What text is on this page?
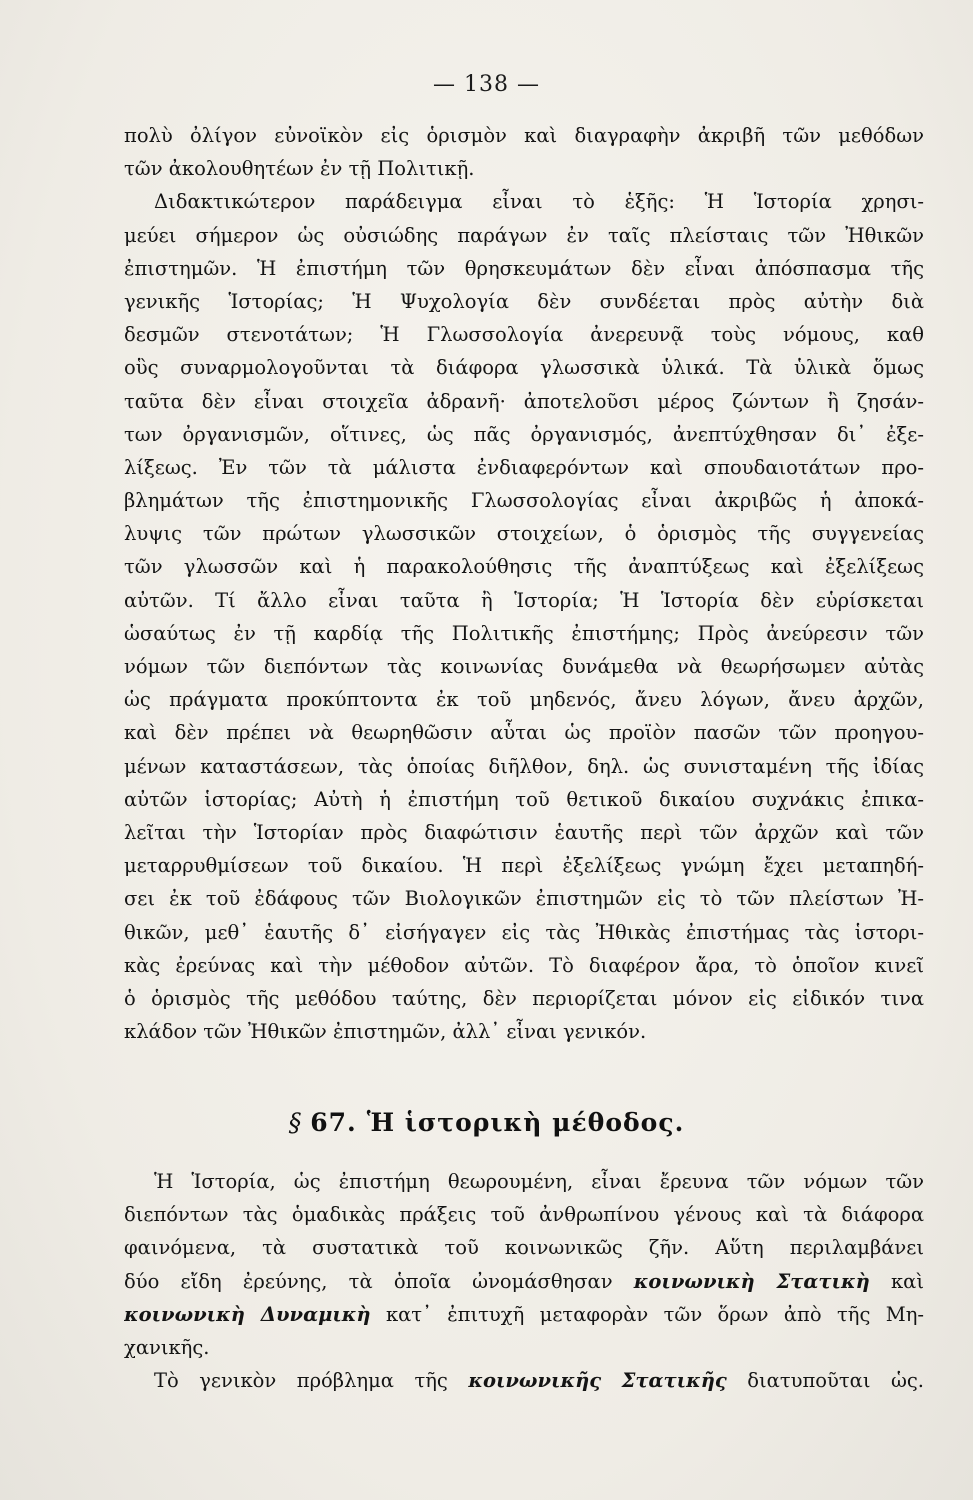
— 138 —
πολὺ ὀλίγον εὐνοϊκὸν εἰς ὁρισμὸν καὶ διαγραφὴν ἀκριβῆ τῶν μεθόδων
τῶν ἀκολουθητέων ἐν τῇ Πολιτικῇ.
Διδακτικώτερον παράδειγμα εἶναι τὸ ἑξῆς: Ἡ Ἱστορία χρησι-
μεύει σήμερον ὡς οὐσιώδης παράγων ἐν ταῖς πλείσταις τῶν Ἠθικῶν
ἐπιστημῶν. Ἡ ἐπιστήμη τῶν θρησκευμάτων δὲν εἶναι ἀπόσπασμα τῆς
γενικῆς Ἱστορίας; Ἡ Ψυχολογία δὲν συνδέεται πρὸς αὐτὴν διὰ
δεσμῶν στενοτάτων; Ἡ Γλωσσολογία ἀνερευνᾷ τοὺς νόμους, καθ
οὓς συναρμολογοῦνται τὰ διάφορα γλωσσικὰ ὑλικά. Τὰ ὑλικὰ ὅμως
ταῦτα δὲν εἶναι στοιχεῖα ἀδρανῆ· ἀποτελοῦσι μέρος ζώντων ἢ ζησάν-
των ὀργανισμῶν, οἵτινες, ὡς πᾶς ὀργανισμός, ἀνεπτύχθησαν δι᾽ ἐξε-
λίξεως. Ἐν τῶν τὰ μάλιστα ἐνδιαφερόντων καὶ σπουδαιοτάτων προ-
βλημάτων τῆς ἐπιστημονικῆς Γλωσσολογίας εἶναι ἀκριβῶς ἡ ἀποκά-
λυψις τῶν πρώτων γλωσσικῶν στοιχείων, ὁ ὁρισμὸς τῆς συγγενείας
τῶν γλωσσῶν καὶ ἡ παρακολούθησις τῆς ἀναπτύξεως καὶ ἐξελίξεως
αὐτῶν. Τί ἄλλο εἶναι ταῦτα ἢ Ἱστορία; Ἡ Ἱστορία δὲν εὑρίσκεται
ὡσαύτως ἐν τῇ καρδίᾳ τῆς Πολιτικῆς ἐπιστήμης; Πρὸς ἀνεύρεσιν τῶν
νόμων τῶν διεπόντων τὰς κοινωνίας δυνάμεθα νὰ θεωρήσωμεν αὐτὰς
ὡς πράγματα προκύπτοντα ἐκ τοῦ μηδενός, ἄνευ λόγων, ἄνευ ἀρχῶν,
καὶ δὲν πρέπει νὰ θεωρηθῶσιν αὗται ὡς προϊὸν πασῶν τῶν προηγου-
μένων καταστάσεων, τὰς ὁποίας διῆλθον, δηλ. ὡς συνισταμένη τῆς ἰδίας
αὐτῶν ἱστορίας; Αὐτὴ ἡ ἐπιστήμη τοῦ θετικοῦ δικαίου συχνάκις ἐπικα-
λεῖται τὴν Ἱστορίαν πρὸς διαφώτισιν ἑαυτῆς περὶ τῶν ἀρχῶν καὶ τῶν
μεταρρυθμίσεων τοῦ δικαίου. Ἡ περὶ ἐξελίξεως γνώμη ἔχει μεταπηδή-
σει ἐκ τοῦ ἐδάφους τῶν Βιολογικῶν ἐπιστημῶν εἰς τὸ τῶν πλείστων Ἠ-
θικῶν, μεθ᾽ ἑαυτῆς δ᾽ εἰσήγαγεν εἰς τὰς Ἠθικὰς ἐπιστήμας τὰς ἱστορι-
κὰς ἐρεύνας καὶ τὴν μέθοδον αὐτῶν. Τὸ διαφέρον ἄρα, τὸ ὁποῖον κινεῖ
ὁ ὁρισμὸς τῆς μεθόδου ταύτης, δὲν περιορίζεται μόνον εἰς εἰδικόν τινα
κλάδον τῶν Ἠθικῶν ἐπιστημῶν, ἀλλ᾽ εἶναι γενικόν.
§ 67. Ἡ ἱστορικὴ μέθοδος.
Ἡ Ἱστορία, ὡς ἐπιστήμη θεωρουμένη, εἶναι ἔρευνα τῶν νόμων τῶν
διεπόντων τὰς ὁμαδικὰς πράξεις τοῦ ἀνθρωπίνου γένους καὶ τὰ διάφορα
φαινόμενα, τὰ συστατικὰ τοῦ κοινωνικῶς ζῆν. Αὕτη περιλαμβάνει
δύο εἴδη ἐρεύνης, τὰ ὁποῖα ὠνομάσθησαν κοινωνικὴ Στατικὴ καὶ
κοινωνικὴ Δυναμικὴ κατ᾽ ἐπιτυχῆ μεταφορὰν τῶν ὅρων ἀπὸ τῆς Μη-
χανικῆς.
Τὸ γενικὸν πρόβλημα τῆς κοινωνικῆς Στατικῆς διατυποῦται ὡς.
